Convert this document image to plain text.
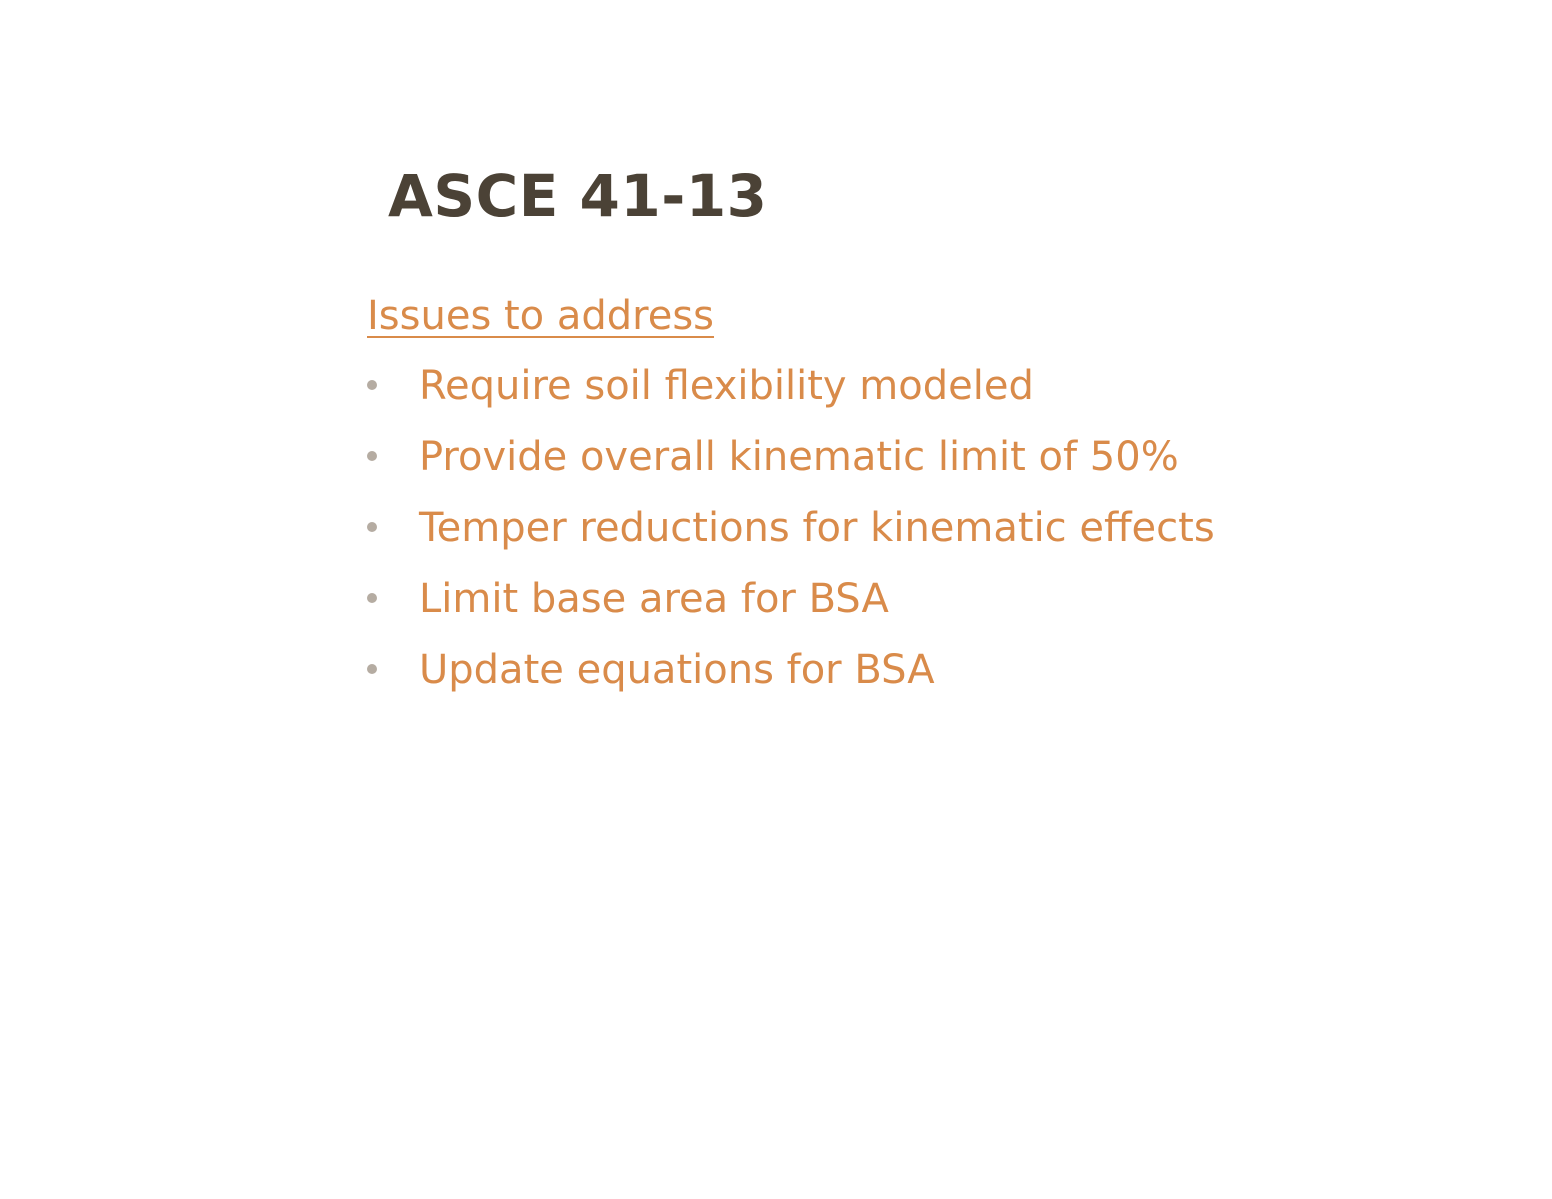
ASCE 41-13
Issues to address
Require soil flexibility modeled
Provide overall kinematic limit of 50%
Temper reductions for kinematic effects
Limit base area for BSA
Update equations for BSA
